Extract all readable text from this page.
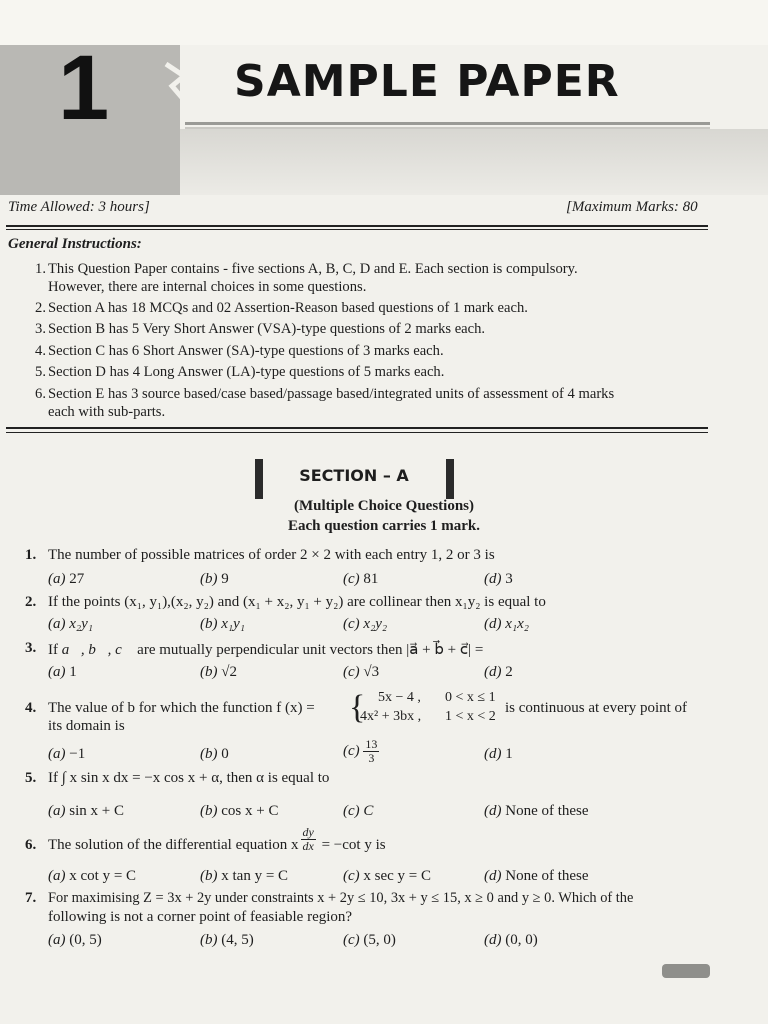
1	SAMPLE PAPER
Time Allowed: 3 hours]	[Maximum Marks: 80
General Instructions:
1. This Question Paper contains - five sections A, B, C, D and E. Each section is compulsory.
However, there are internal choices in some questions.
2. Section A has 18 MCQs and 02 Assertion-Reason based questions of 1 mark each.
3. Section B has 5 Very Short Answer (VSA)-type questions of 2 marks each.
4. Section C has 6 Short Answer (SA)-type questions of 3 marks each.
5. Section D has 4 Long Answer (LA)-type questions of 5 marks each.
6. Section E has 3 source based/case based/passage based/integrated units of assessment of 4 marks
each with sub-parts.
SECTION – A
(Multiple Choice Questions)
Each question carries 1 mark.
1. The number of possible matrices of order 2 × 2 with each entry 1, 2 or 3 is
(a) 27	(b) 9	(c) 81	(d) 3
2. If the points (x₁, y₁),(x₂, y₂) and (x₁ + x₂, y₁ + y₂) are collinear then x₁y₂ is equal to
(a) x₂y₁	(b) x₁y₁	(c) x₂y₂	(d) x₁x₂
3. If a⃗, b⃗, c⃗ are mutually perpendicular unit vectors then |a⃗ + b⃗ + c⃗| =
(a) 1	(b) √2	(c) √3	(d) 2
4. The value of b for which the function f (x) =	{ 5x − 4 , 0 < x ≤ 1
4x² + 3bx , 1 < x < 2
is continuous at every point of
its domain is
(a) −1	(b) 0	$(c) \frac{13}{3}$	(d) 1
5. If ∫ x sin x dx = −x cos x + α, then α is equal to
(a) sin x + C	(b) cos x + C	(c) C	(d) None of these
6. The solution of the differential equation x $\frac{dy}{dx} = -\cot$ y is
(a) x cot y = C	(b) x tan y = C	(c) x sec y = C	(d) None of these
7. For maximising Z = 3x + 2y under constraints x + 2y ≤ 10, 3x + y ≤ 15, x ≥ 0 and y ≥ 0. Which of the
following is not a corner point of feasiable region?
(a) (0, 5)	(b) (4, 5)	(c) (5, 0)	(d) (0, 0)
